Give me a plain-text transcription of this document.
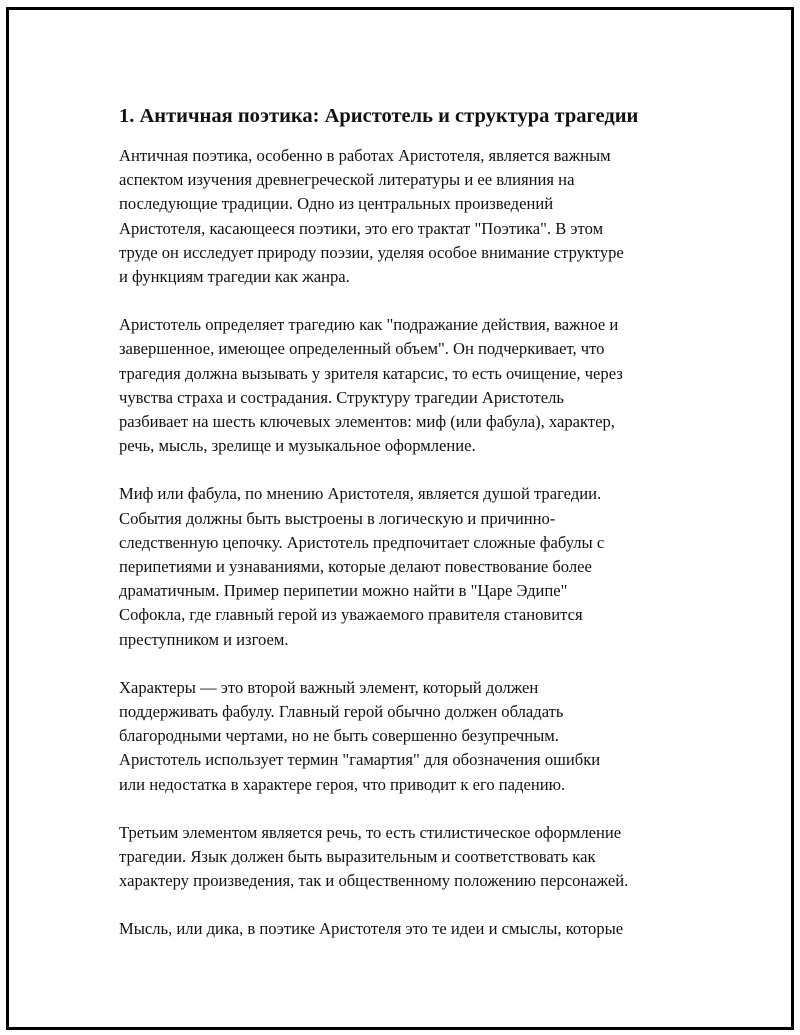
1. Античная поэтика: Аристотель и структура трагедии

Античная поэтика, особенно в работах Аристотеля, является важным
аспектом изучения древнегреческой литературы и ее влияния на
последующие традиции. Одно из центральных произведений
Аристотеля, касающееся поэтики, это его трактат "Поэтика". В этом
труде он исследует природу поэзии, уделяя особое внимание структуре
и функциям трагедии как жанра.

Аристотель определяет трагедию как "подражание действия, важное и
завершенное, имеющее определенный объем". Он подчеркивает, что
трагедия должна вызывать у зрителя катарсис, то есть очищение, через
чувства страха и сострадания. Структуру трагедии Аристотель
разбивает на шесть ключевых элементов: миф (или фабула), характер,
речь, мысль, зрелище и музыкальное оформление.

Миф или фабула, по мнению Аристотеля, является душой трагедии.
События должны быть выстроены в логическую и причинно-
следственную цепочку. Аристотель предпочитает сложные фабулы с
перипетиями и узнаваниями, которые делают повествование более
драматичным. Пример перипетии можно найти в "Царе Эдипе"
Софокла, где главный герой из уважаемого правителя становится
преступником и изгоем.

Характеры — это второй важный элемент, который должен
поддерживать фабулу. Главный герой обычно должен обладать
благородными чертами, но не быть совершенно безупречным.
Аристотель использует термин "гамартия" для обозначения ошибки
или недостатка в характере героя, что приводит к его падению.

Третьим элементом является речь, то есть стилистическое оформление
трагедии. Язык должен быть выразительным и соответствовать как
характеру произведения, так и общественному положению персонажей.

Мысль, или дика, в поэтике Аристотеля это те идеи и смыслы, которые
